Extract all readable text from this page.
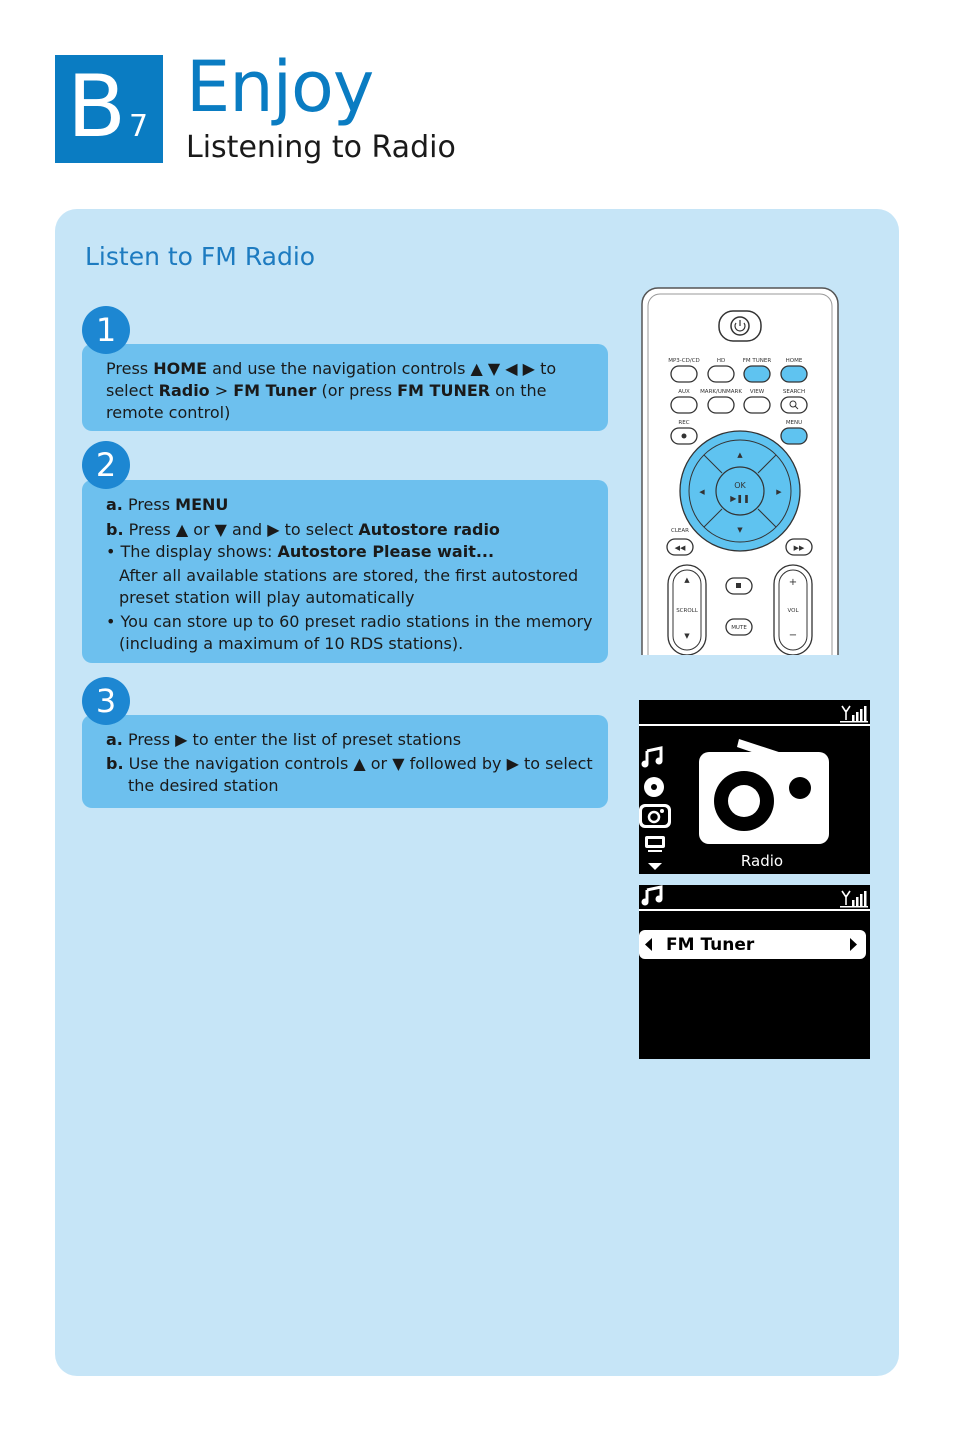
B 7 Enjoy
Listening to Radio
Listen to FM Radio
1

Press HOME and use the navigation controls ▲ ▼ ◀ ▶ to select Radio > FM Tuner (or press FM TUNER on the remote control)

2

a. Press MENU

b. Press ▲ or ▼ and ▶ to select Autostore radio

• The display shows: Autostore Please wait...

After all available stations are stored, the first autostored preset station will play automatically

• You can store up to 60 preset radio stations in the memory (including a maximum of 10 RDS stations).

3

a. Press ▶ to enter the list of preset stations

b. Use the navigation controls ▲ or ▼ followed by ▶ to select the desired station

MP3-CD/CD	HD	FM TUNER	HOME
AUX MARK/UNMARK VIEW	SEARCH
REC	MENU
OK
▶❚❚
▲
▼
◀	▶
CLEAR
◀◀	▶▶
▲
SCROLL
▼
+
VOL
−
MUTE
Radio
FM Tuner
